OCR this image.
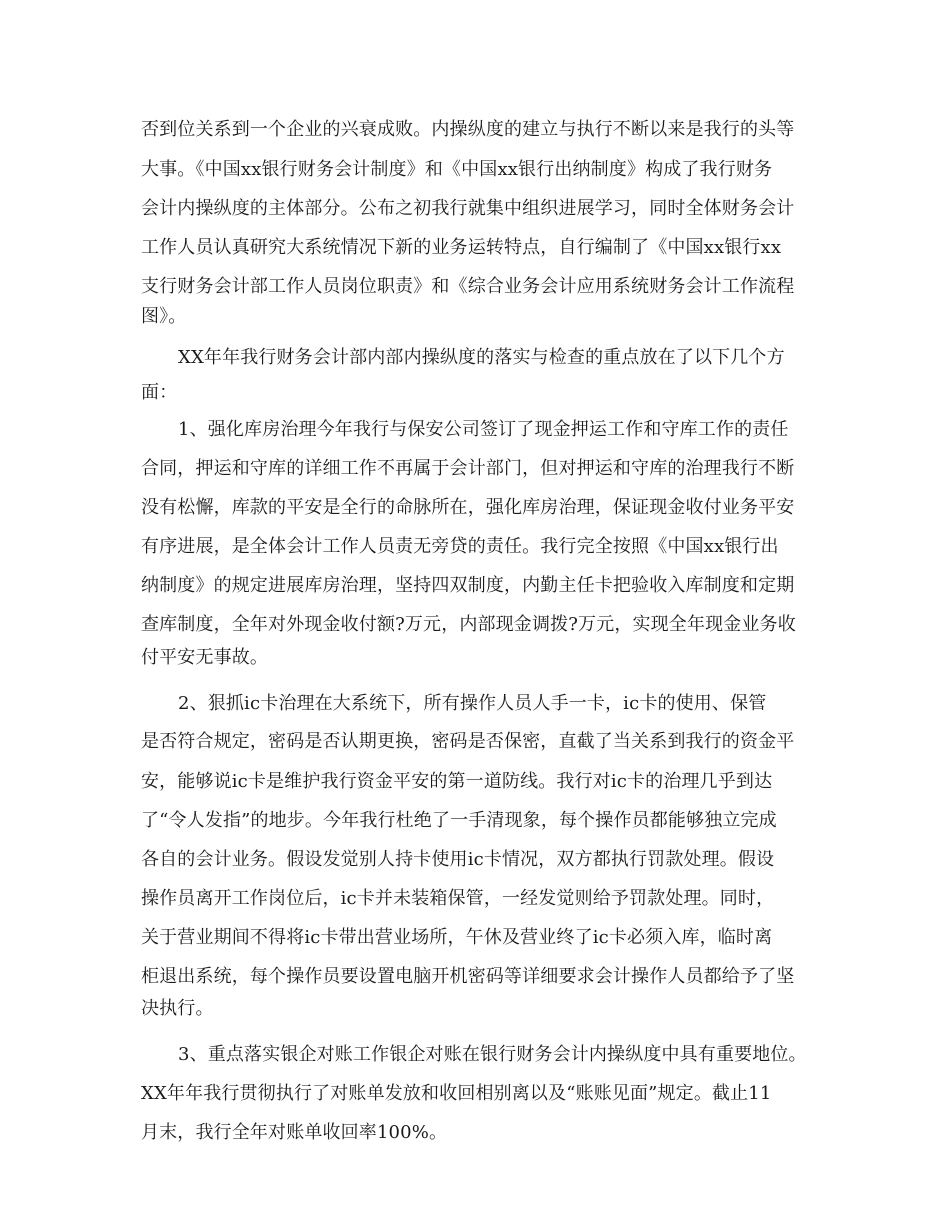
否到位关系到一个企业的兴衰成败。内操纵度的建立与执行不断以来是我行的头等
大事。《中国xx银行财务会计制度》和《中国xx银行出纳制度》构成了我行财务
会计内操纵度的主体部分。公布之初我行就集中组织进展学习，同时全体财务会计
工作人员认真研究大系统情况下新的业务运转特点，自行编制了《中国xx银行xx
支行财务会计部工作人员岗位职责》和《综合业务会计应用系统财务会计工作流程
图》。
XX年年我行财务会计部内部内操纵度的落实与检查的重点放在了以下几个方
面：
1、强化库房治理今年我行与保安公司签订了现金押运工作和守库工作的责任
合同，押运和守库的详细工作不再属于会计部门，但对押运和守库的治理我行不断
没有松懈，库款的平安是全行的命脉所在，强化库房治理，保证现金收付业务平安
有序进展，是全体会计工作人员责无旁贷的责任。我行完全按照《中国xx银行出
纳制度》的规定进展库房治理，坚持四双制度，内勤主任卡把验收入库制度和定期
查库制度，全年对外现金收付额?万元，内部现金调拨?万元，实现全年现金业务收
付平安无事故。
2、狠抓ic卡治理在大系统下，所有操作人员人手一卡，ic卡的使用、保管
是否符合规定，密码是否认期更换，密码是否保密，直截了当关系到我行的资金平
安，能够说ic卡是维护我行资金平安的第一道防线。我行对ic卡的治理几乎到达
了“令人发指”的地步。今年我行杜绝了一手清现象，每个操作员都能够独立完成
各自的会计业务。假设发觉别人持卡使用ic卡情况，双方都执行罚款处理。假设
操作员离开工作岗位后，ic卡并未装箱保管，一经发觉则给予罚款处理。同时，
关于营业期间不得将ic卡带出营业场所，午休及营业终了ic卡必须入库，临时离
柜退出系统，每个操作员要设置电脑开机密码等详细要求会计操作人员都给予了坚
决执行。
3、重点落实银企对账工作银企对账在银行财务会计内操纵度中具有重要地位。
XX年年我行贯彻执行了对账单发放和收回相别离以及“账账见面”规定。截止11
月末，我行全年对账单收回率100%。
